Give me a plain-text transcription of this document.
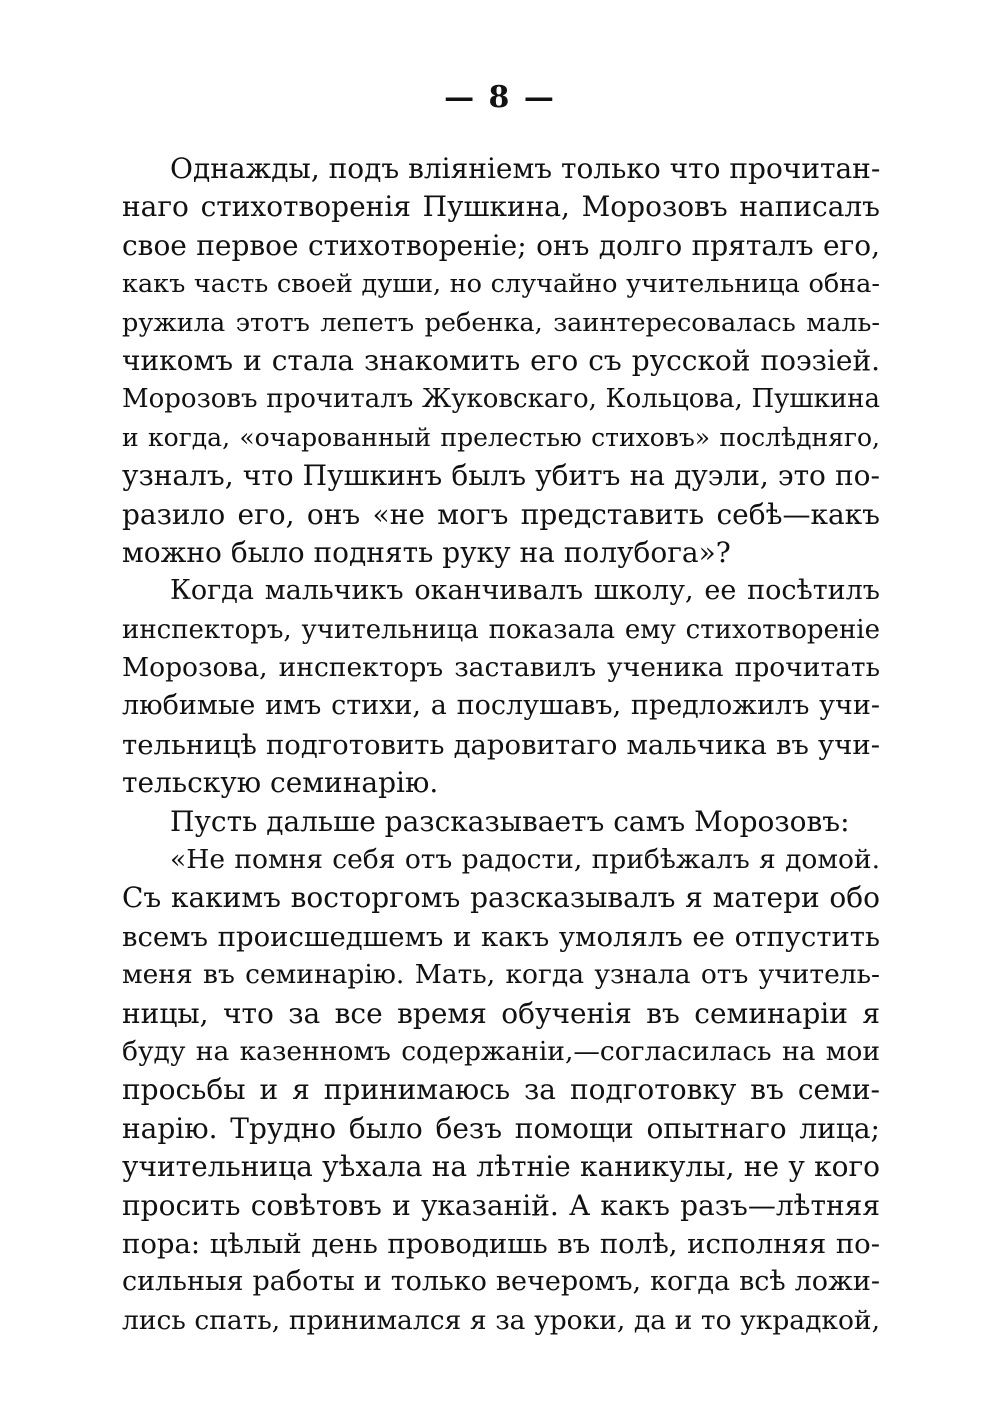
— 8 —
Однажды, подъ вліяніемъ только что прочитан-
наго стихотворенія Пушкина, Морозовъ написалъ
свое первое стихотвореніе; онъ долго пряталъ его,
какъ часть своей души, но случайно учительница обна-
ружила этотъ лепетъ ребенка, заинтересовалась маль-
чикомъ и стала знакомить его съ русской поэзіей.
Морозовъ прочиталъ Жуковскаго, Кольцова, Пушкина
и когда, «очарованный прелестью стиховъ» послѣдняго,
узналъ, что Пушкинъ былъ убитъ на дуэли, это по-
разило его, онъ «не могъ представить себѣ—какъ
можно было поднять руку на полубога»?
Когда мальчикъ оканчивалъ школу, ее посѣтилъ
инспекторъ, учительница показала ему стихотвореніе
Морозова, инспекторъ заставилъ ученика прочитать
любимые имъ стихи, а послушавъ, предложилъ учи-
тельницѣ подготовить даровитаго мальчика въ учи-
тельскую семинарію.
Пусть дальше разсказываетъ самъ Морозовъ:
«Не помня себя отъ радости, прибѣжалъ я домой.
Съ какимъ восторгомъ разсказывалъ я матери обо
всемъ происшедшемъ и какъ умолялъ ее отпустить
меня въ семинарію. Мать, когда узнала отъ учитель-
ницы, что за все время обученія въ семинаріи я
буду на казенномъ содержаніи,—согласилась на мои
просьбы и я принимаюсь за подготовку въ семи-
нарію. Трудно было безъ помощи опытнаго лица;
учительница уѣхала на лѣтніе каникулы, не у кого
просить совѣтовъ и указаній. А какъ разъ—лѣтняя
пора: цѣлый день проводишь въ полѣ, исполняя по-
сильныя работы и только вечеромъ, когда всѣ ложи-
лись спать, принимался я за уроки, да и то украдкой,
